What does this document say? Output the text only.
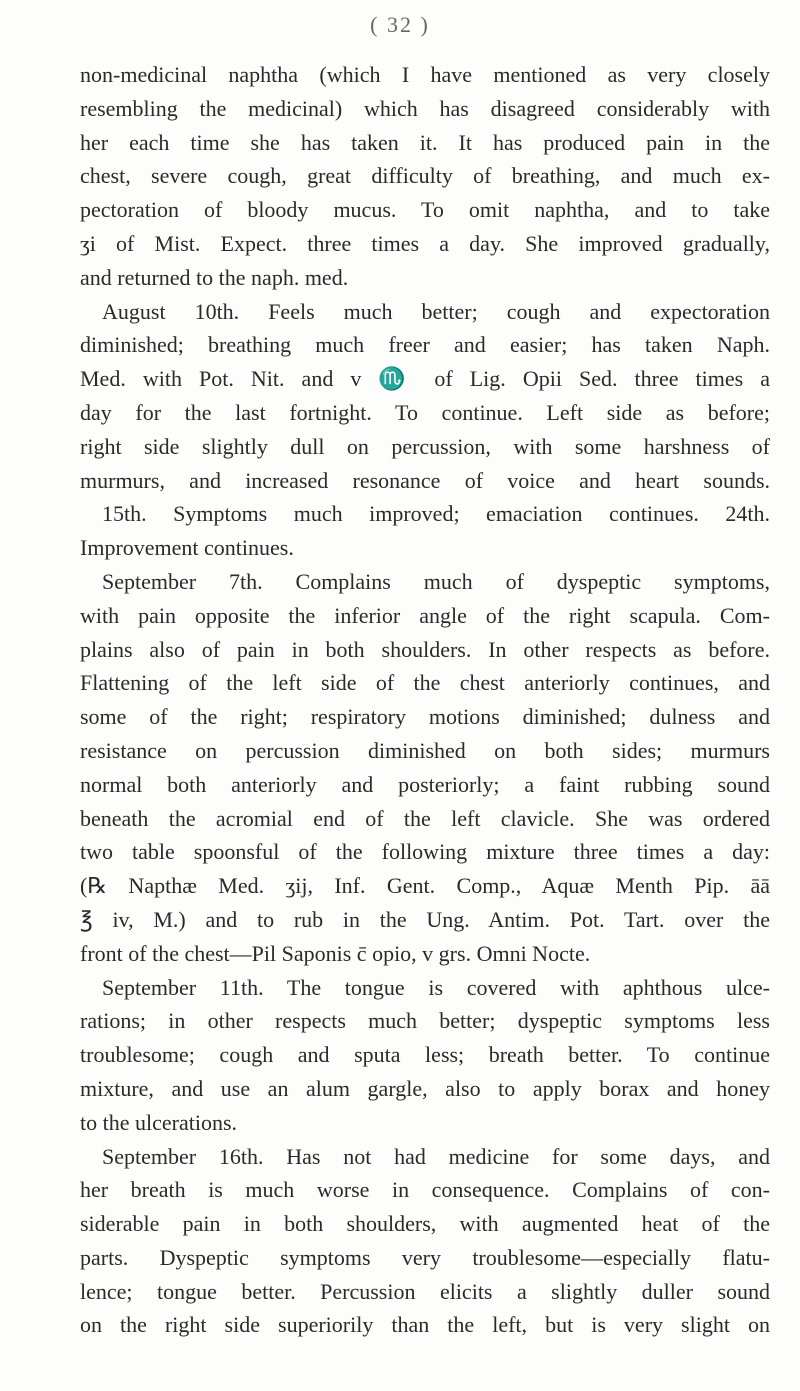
( 32 )
non-medicinal naphtha (which I have mentioned as very closely
resembling the medicinal) which has disagreed considerably with
her each time she has taken it. It has produced pain in the
chest, severe cough, great difficulty of breathing, and much ex-
pectoration of bloody mucus. To omit naphtha, and to take
ʒi of Mist. Expect. three times a day. She improved gradually,
and returned to the naph. med.
August 10th. Feels much better; cough and expectoration
diminished; breathing much freer and easier; has taken Naph.
Med. with Pot. Nit. and v ♏ of Lig. Opii Sed. three times a
day for the last fortnight. To continue. Left side as before;
right side slightly dull on percussion, with some harshness of
murmurs, and increased resonance of voice and heart sounds.
15th. Symptoms much improved; emaciation continues. 24th.
Improvement continues.
September 7th. Complains much of dyspeptic symptoms,
with pain opposite the inferior angle of the right scapula. Com-
plains also of pain in both shoulders. In other respects as before.
Flattening of the left side of the chest anteriorly continues, and
some of the right; respiratory motions diminished; dulness and
resistance on percussion diminished on both sides; murmurs
normal both anteriorly and posteriorly; a faint rubbing sound
beneath the acromial end of the left clavicle. She was ordered
two table spoonsful of the following mixture three times a day:
(℞ Napthæ Med. ʒij, Inf. Gent. Comp., Aquæ Menth Pip. āā
℥ iv, M.) and to rub in the Ung. Antim. Pot. Tart. over the
front of the chest—Pil Saponis c̄ opio, v grs. Omni Nocte.
September 11th. The tongue is covered with aphthous ulce-
rations; in other respects much better; dyspeptic symptoms less
troublesome; cough and sputa less; breath better. To continue
mixture, and use an alum gargle, also to apply borax and honey
to the ulcerations.
September 16th. Has not had medicine for some days, and
her breath is much worse in consequence. Complains of con-
siderable pain in both shoulders, with augmented heat of the
parts. Dyspeptic symptoms very troublesome—especially flatu-
lence; tongue better. Percussion elicits a slightly duller sound
on the right side superiorily than the left, but is very slight on
